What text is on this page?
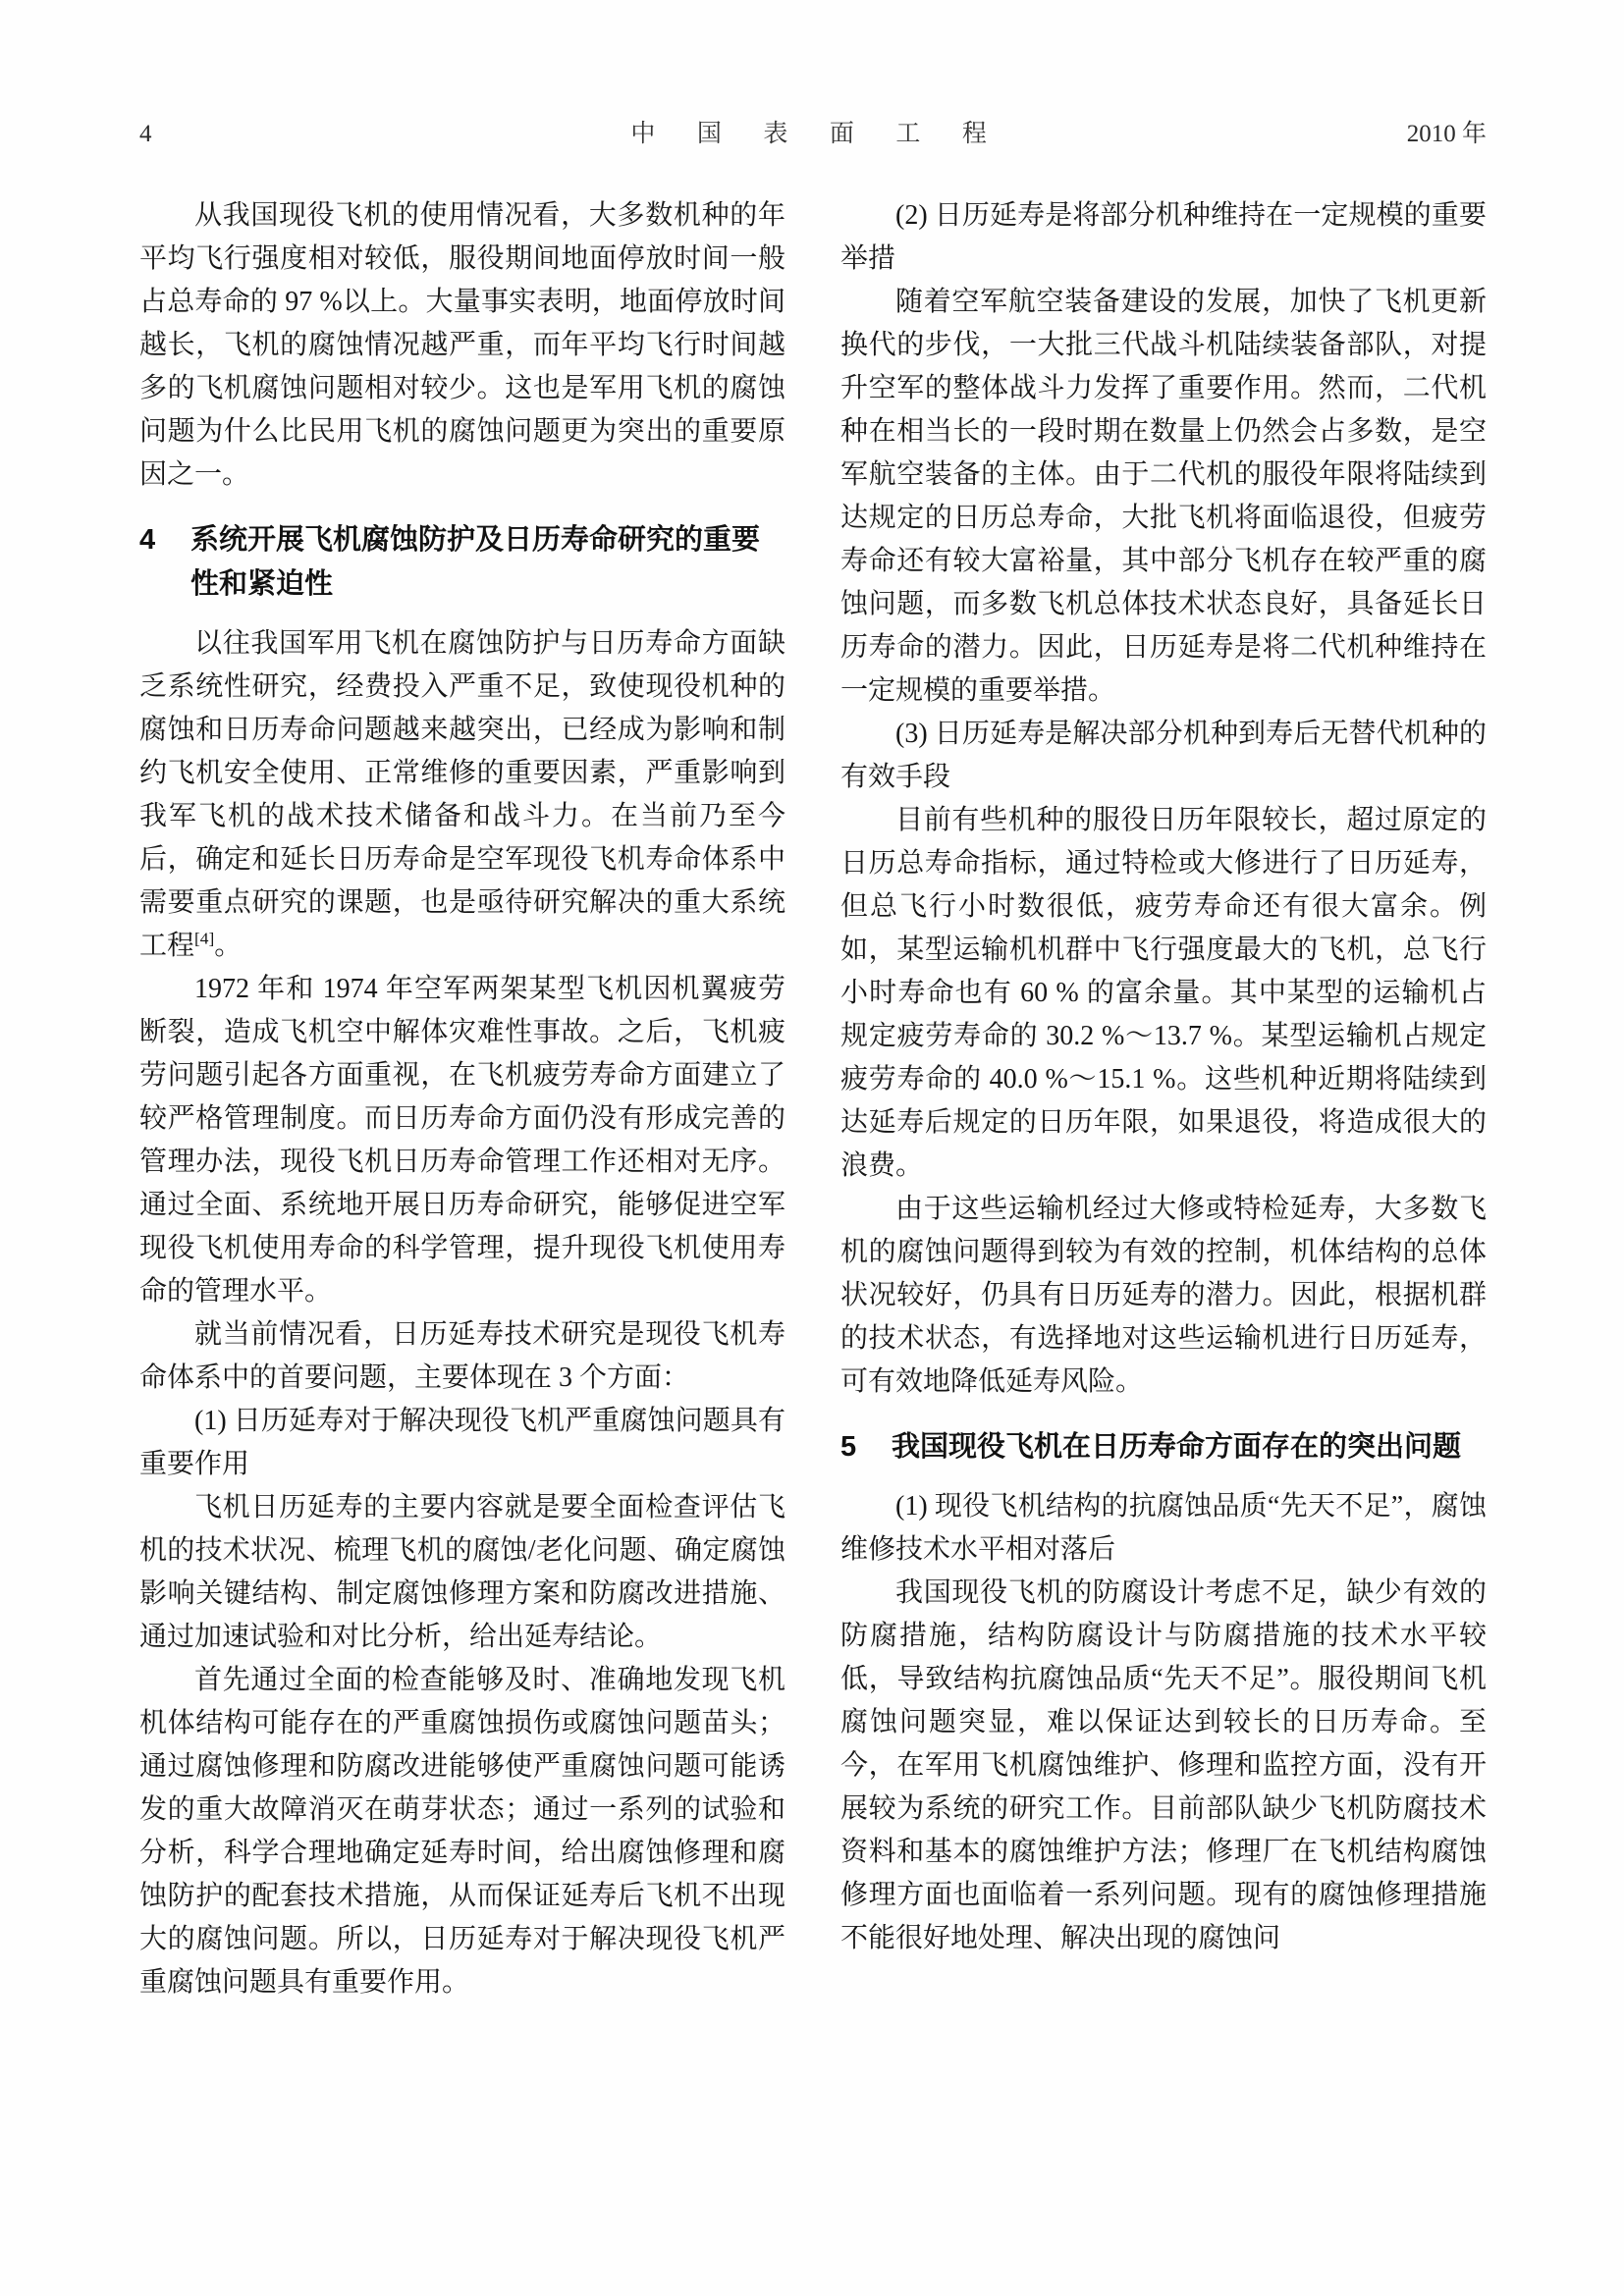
4	中　国　表　面　工　程	2010 年

从我国现役飞机的使用情况看，大多数机种的年平均飞行强度相对较低，服役期间地面停放时间一般占总寿命的 97 %以上。大量事实表明，地面停放时间越长，飞机的腐蚀情况越严重，而年平均飞行时间越多的飞机腐蚀问题相对较少。这也是军用飞机的腐蚀问题为什么比民用飞机的腐蚀问题更为突出的重要原因之一。

4	系统开展飞机腐蚀防护及日历寿命研究的重要性和紧迫性

以往我国军用飞机在腐蚀防护与日历寿命方面缺乏系统性研究，经费投入严重不足，致使现役机种的腐蚀和日历寿命问题越来越突出，已经成为影响和制约飞机安全使用、正常维修的重要因素，严重影响到我军飞机的战术技术储备和战斗力。在当前乃至今后，确定和延长日历寿命是空军现役飞机寿命体系中需要重点研究的课题，也是亟待研究解决的重大系统工程[4]。

1972 年和 1974 年空军两架某型飞机因机翼疲劳断裂，造成飞机空中解体灾难性事故。之后，飞机疲劳问题引起各方面重视，在飞机疲劳寿命方面建立了较严格管理制度。而日历寿命方面仍没有形成完善的管理办法，现役飞机日历寿命管理工作还相对无序。通过全面、系统地开展日历寿命研究，能够促进空军现役飞机使用寿命的科学管理，提升现役飞机使用寿命的管理水平。

就当前情况看，日历延寿技术研究是现役飞机寿命体系中的首要问题，主要体现在 3 个方面：

(1) 日历延寿对于解决现役飞机严重腐蚀问题具有重要作用

飞机日历延寿的主要内容就是要全面检查评估飞机的技术状况、梳理飞机的腐蚀/老化问题、确定腐蚀影响关键结构、制定腐蚀修理方案和防腐改进措施、通过加速试验和对比分析，给出延寿结论。

首先通过全面的检查能够及时、准确地发现飞机机体结构可能存在的严重腐蚀损伤或腐蚀问题苗头；通过腐蚀修理和防腐改进能够使严重腐蚀问题可能诱发的重大故障消灭在萌芽状态；通过一系列的试验和分析，科学合理地确定延寿时间，给出腐蚀修理和腐蚀防护的配套技术措施，从而保证延寿后飞机不出现大的腐蚀问题。所以，日历延寿对于解决现役飞机严重腐蚀问题具有重要作用。

(2) 日历延寿是将部分机种维持在一定规模的重要举措

随着空军航空装备建设的发展，加快了飞机更新换代的步伐，一大批三代战斗机陆续装备部队，对提升空军的整体战斗力发挥了重要作用。然而，二代机种在相当长的一段时期在数量上仍然会占多数，是空军航空装备的主体。由于二代机的服役年限将陆续到达规定的日历总寿命，大批飞机将面临退役，但疲劳寿命还有较大富裕量，其中部分飞机存在较严重的腐蚀问题，而多数飞机总体技术状态良好，具备延长日历寿命的潜力。因此，日历延寿是将二代机种维持在一定规模的重要举措。

(3) 日历延寿是解决部分机种到寿后无替代机种的有效手段

目前有些机种的服役日历年限较长，超过原定的日历总寿命指标，通过特检或大修进行了日历延寿，但总飞行小时数很低，疲劳寿命还有很大富余。例如，某型运输机机群中飞行强度最大的飞机，总飞行小时寿命也有 60 % 的富余量。其中某型的运输机占规定疲劳寿命的 30.2 %～13.7 %。某型运输机占规定疲劳寿命的 40.0 %～15.1 %。这些机种近期将陆续到达延寿后规定的日历年限，如果退役，将造成很大的浪费。

由于这些运输机经过大修或特检延寿，大多数飞机的腐蚀问题得到较为有效的控制，机体结构的总体状况较好，仍具有日历延寿的潜力。因此，根据机群的技术状态，有选择地对这些运输机进行日历延寿，可有效地降低延寿风险。

5	我国现役飞机在日历寿命方面存在的突出问题

(1) 现役飞机结构的抗腐蚀品质“先天不足”，腐蚀维修技术水平相对落后

我国现役飞机的防腐设计考虑不足，缺少有效的防腐措施，结构防腐设计与防腐措施的技术水平较低，导致结构抗腐蚀品质“先天不足”。服役期间飞机腐蚀问题突显，难以保证达到较长的日历寿命。至今，在军用飞机腐蚀维护、修理和监控方面，没有开展较为系统的研究工作。目前部队缺少飞机防腐技术资料和基本的腐蚀维护方法；修理厂在飞机结构腐蚀修理方面也面临着一系列问题。现有的腐蚀修理措施不能很好地处理、解决出现的腐蚀问
